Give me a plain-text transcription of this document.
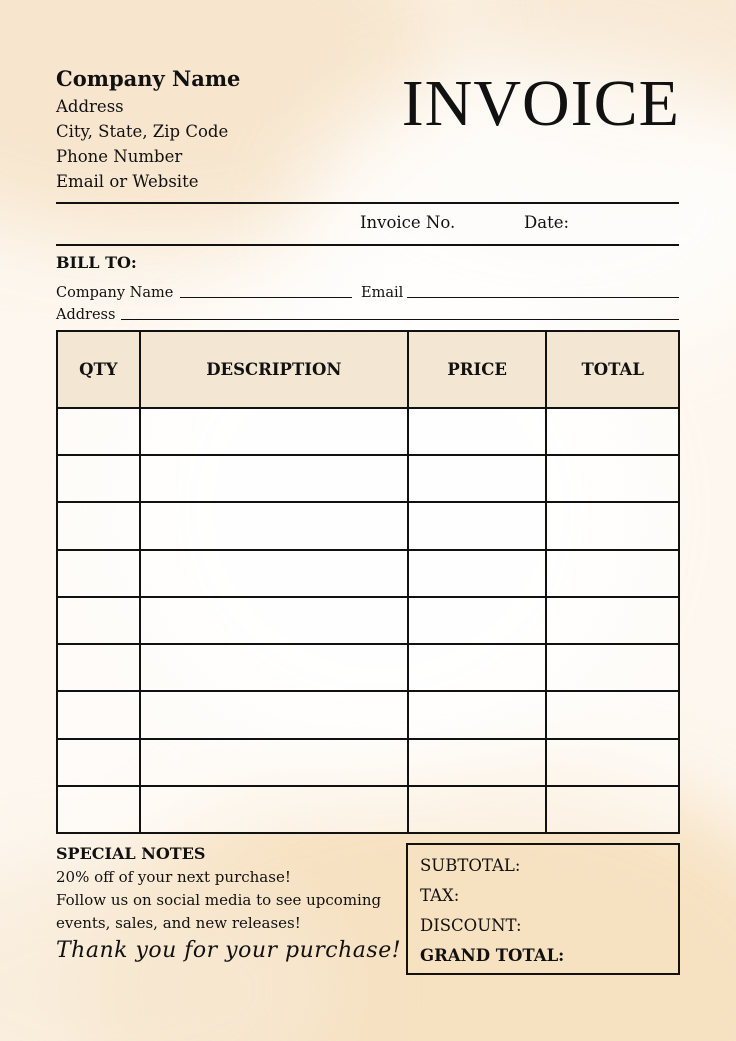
Company Name
Address
City, State, Zip Code
Phone Number
Email or Website
INVOICE
Invoice No.	Date:
BILL TO:
Company Name	Email
Address
QTY	DESCRIPTION	PRICE	TOTAL

SPECIAL NOTES
20% off of your next purchase!
Follow us on social media to see upcoming
events, sales, and new releases!
Thank you for your purchase!
SUBTOTAL:
TAX:
DISCOUNT:
GRAND TOTAL:
